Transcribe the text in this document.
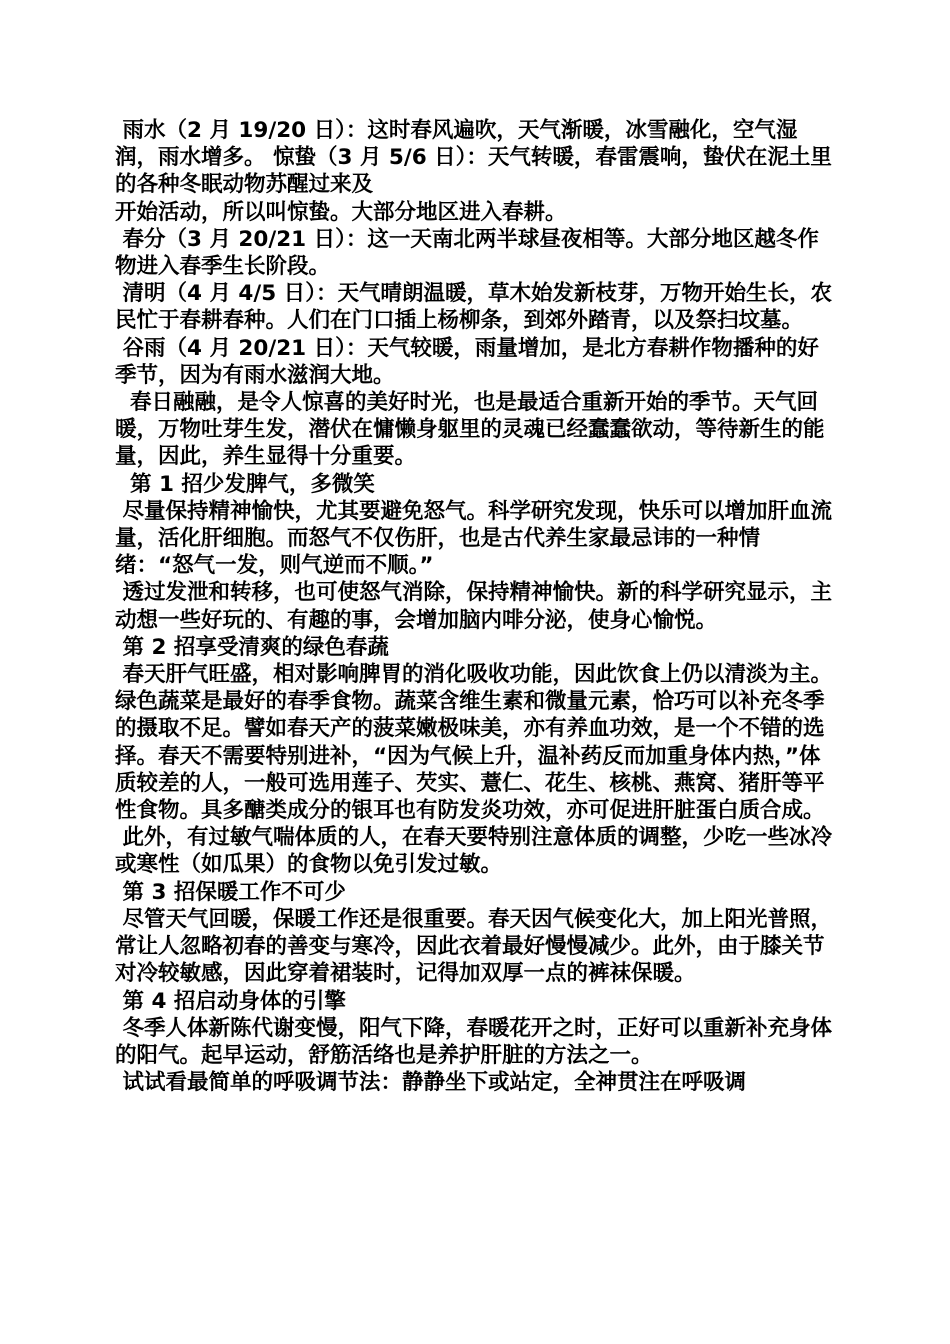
雨水（2 月 19/20 日）：这时春风遍吹，天气渐暖，冰雪融化，空气湿润，雨水增多。 惊蛰（3 月 5/6 日）：天气转暖，春雷震响，蛰伏在泥土里的各种冬眠动物苏醒过来及

开始活动，所以叫惊蛰。大部分地区进入春耕。

春分（3 月 20/21 日）：这一天南北两半球昼夜相等。大部分地区越冬作物进入春季生长阶段。

清明（4 月 4/5 日）：天气晴朗温暖，草木始发新枝芽，万物开始生长，农民忙于春耕春种。人们在门口插上杨柳条，到郊外踏青，以及祭扫坟墓。

谷雨（4 月 20/21 日）：天气较暖，雨量增加，是北方春耕作物播种的好季节，因为有雨水滋润大地。

春日融融，是令人惊喜的美好时光，也是最适合重新开始的季节。天气回暖，万物吐芽生发，潜伏在慵懒身躯里的灵魂已经蠢蠢欲动，等待新生的能量，因此，养生显得十分重要。

第 1 招少发脾气，多微笑

尽量保持精神愉快，尤其要避免怒气。科学研究发现，快乐可以增加肝血流量，活化肝细胞。而怒气不仅伤肝，也是古代养生家最忌讳的一种情绪：“怒气一发，则气逆而不顺。”

透过发泄和转移，也可使怒气消除，保持精神愉快。新的科学研究显示，主动想一些好玩的、有趣的事，会增加脑内啡分泌，使身心愉悦。

第 2 招享受清爽的绿色春蔬

春天肝气旺盛，相对影响脾胃的消化吸收功能，因此饮食上仍以清淡为主。绿色蔬菜是最好的春季食物。蔬菜含维生素和微量元素，恰巧可以补充冬季的摄取不足。譬如春天产的菠菜嫩极味美，亦有养血功效，是一个不错的选择。春天不需要特别进补，“因为气候上升，温补药反而加重身体内热，”体质较差的人，一般可选用莲子、芡实、薏仁、花生、核桃、燕窝、猪肝等平性食物。具多醣类成分的银耳也有防发炎功效，亦可促进肝脏蛋白质合成。

此外，有过敏气喘体质的人，在春天要特别注意体质的调整，少吃一些冰冷或寒性（如瓜果）的食物以免引发过敏。

第 3 招保暖工作不可少

尽管天气回暖，保暖工作还是很重要。春天因气候变化大，加上阳光普照，常让人忽略初春的善变与寒冷，因此衣着最好慢慢减少。此外，由于膝关节对冷较敏感，因此穿着裙装时，记得加双厚一点的裤袜保暖。

第 4 招启动身体的引擎

冬季人体新陈代谢变慢，阳气下降，春暖花开之时，正好可以重新补充身体的阳气。起早运动，舒筋活络也是养护肝脏的方法之一。

试试看最简单的呼吸调节法：静静坐下或站定，全神贯注在呼吸调
